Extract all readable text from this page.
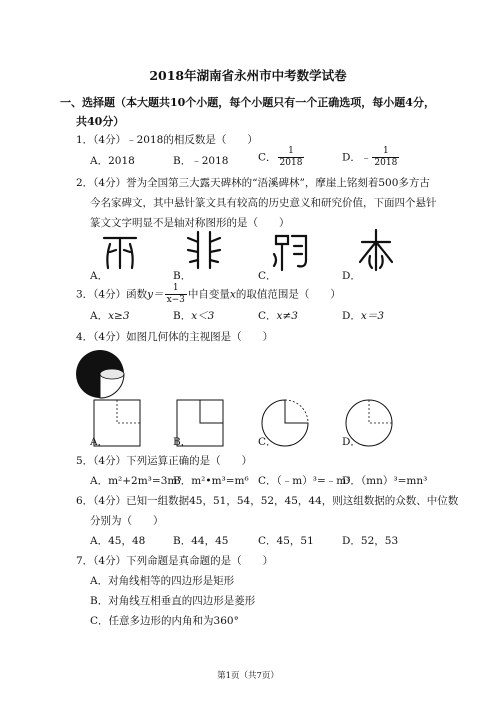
2018年湖南省永州市中考数学试卷
一、选择题（本大题共10个小题，每个小题只有一个正确选项，每小题4分，
共40分）
1．（4分）﹣2018的相反数是（　　）
A．2018	B．﹣2018	C． $\frac{1}{2018}$	D．﹣ $\frac{1}{2018}$
2．（4分）誉为全国第三大露天碑林的“浯溪碑林”，摩崖上铭刻着500多方古
今名家碑文，其中悬针篆文具有较高的历史意义和研究价值，下面四个悬针
篆文文字明显不是轴对称图形的是（　　）
A．	B．	C．	D．
3．（4分）函数$y= \frac{1}{x-3}$ 中自变量x的取值范围是（　　）
A．x≥3	B．x＜3	C．x≠3	D．x＝3
4．（4分）如图几何体的主视图是（　　）
A．	B．	C．	D．
5．（4分）下列运算正确的是（　　）
A．m²+2m³=3m⁵
B．m²•m³=m⁶ C．（﹣m）³=﹣m³
D．（mn）³=mn³
6．（4分）已知一组数据45，51，54，52，45，44，则这组数据的众数、中位数
分别为（　　）
A．45，48	B．44，45	C．45，51	D．52，53
7．（4分）下列命题是真命题的是（　　）
A．对角线相等的四边形是矩形
B．对角线互相垂直的四边形是菱形
C．任意多边形的内角和为360°
第1页（共7页）
